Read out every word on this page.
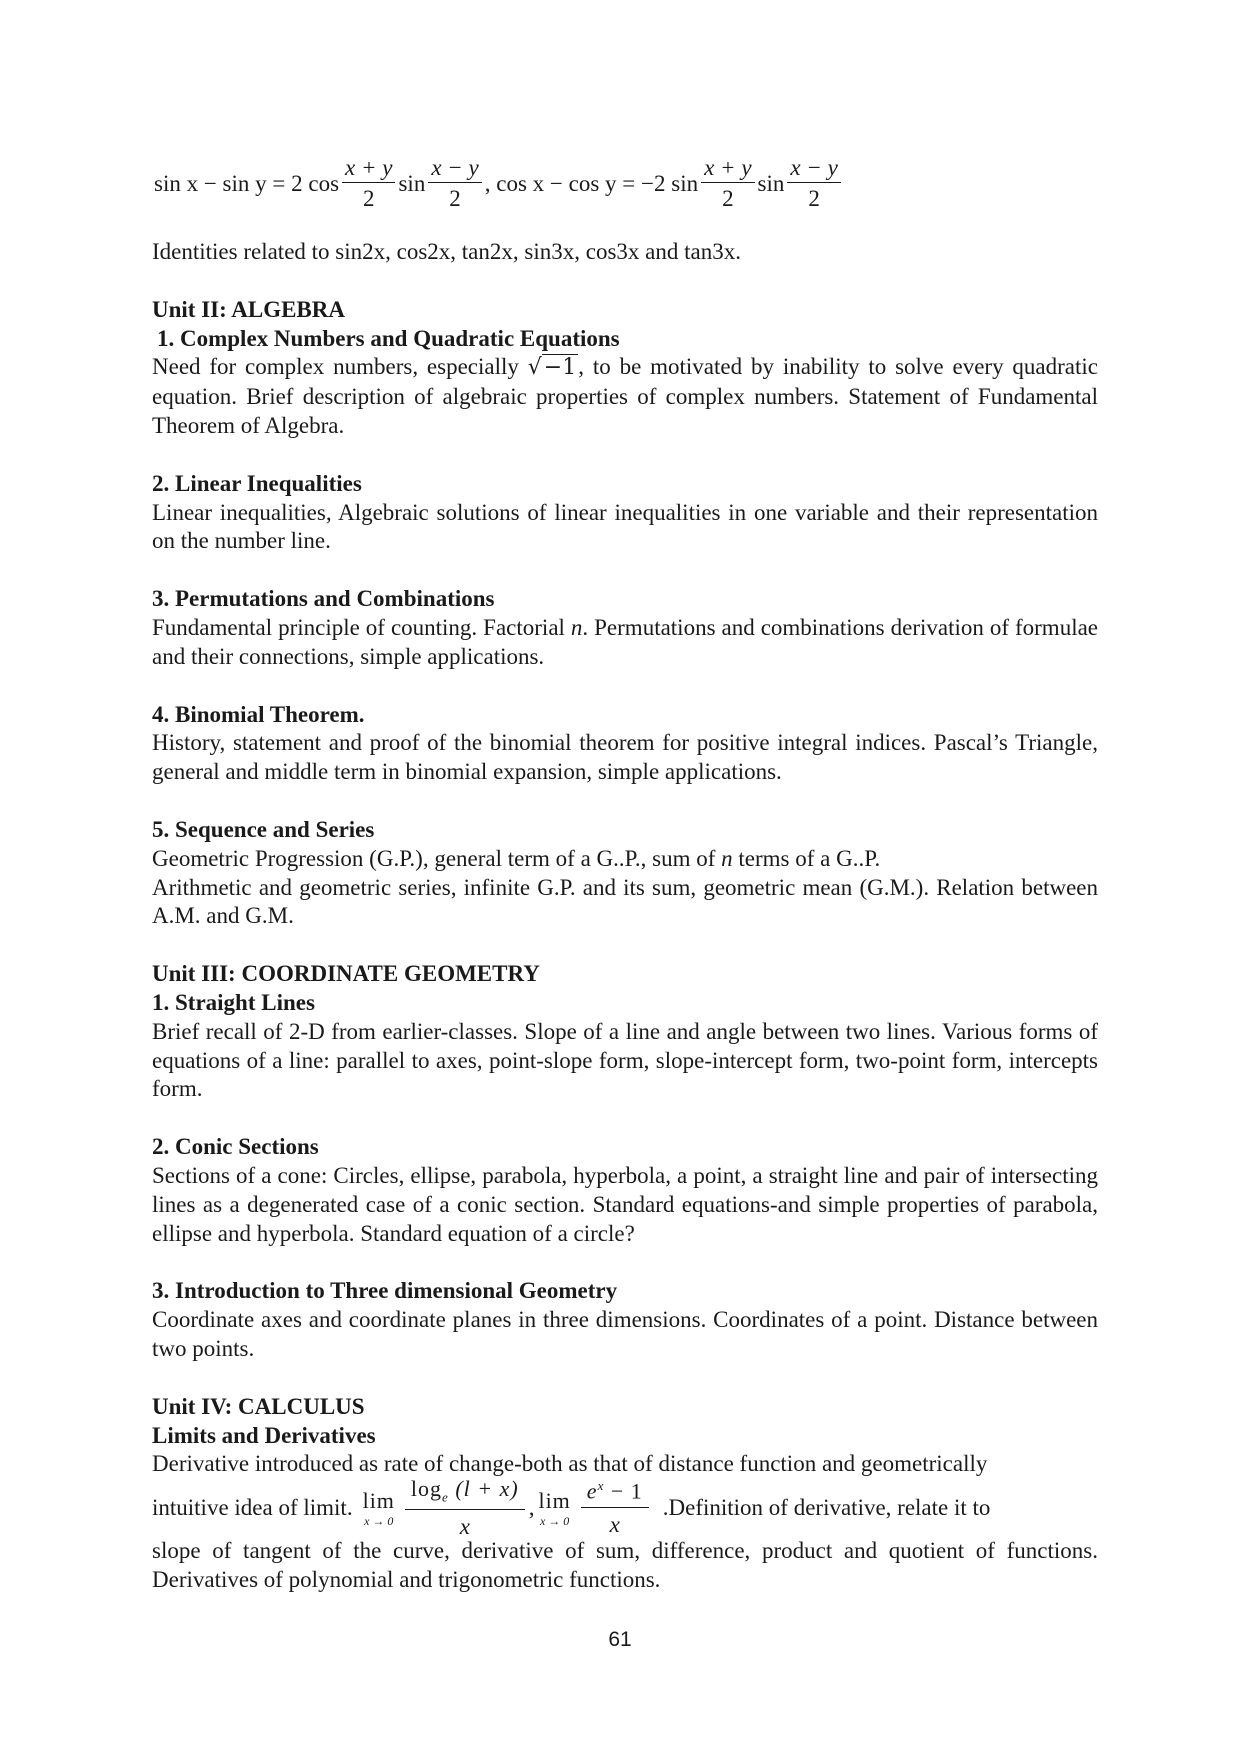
sin x − sin y = 2 $\cos \frac{x + y}{2}$ $\sin \frac{x - y}{2}$ , cos x − cos y = −2 $\sin \frac{x + y}{2}$ $\sin \frac{x - y}{2}$

Identities related to sin2x, cos2x, tan2x, sin3x, cos3x and tan3x.

Unit II: ALGEBRA
1. Complex Numbers and Quadratic Equations

Need for complex numbers, especially √−1, to be motivated by inability to solve every quadratic equation. Brief description of algebraic properties of complex numbers. Statement of Fundamental Theorem of Algebra.

2. Linear Inequalities

Linear inequalities, Algebraic solutions of linear inequalities in one variable and their representation on the number line.

3. Permutations and Combinations

Fundamental principle of counting. Factorial n. Permutations and combinations derivation of formulae and their connections, simple applications.

4. Binomial Theorem.

History, statement and proof of the binomial theorem for positive integral indices. Pascal’s Triangle, general and middle term in binomial expansion, simple applications.

5. Sequence and Series

Geometric Progression (G.P.), general term of a G..P., sum of n terms of a G..P.

Arithmetic and geometric series, infinite G.P. and its sum, geometric mean (G.M.). Relation between A.M. and G.M.

Unit III: COORDINATE GEOMETRY
1. Straight Lines

Brief recall of 2-D from earlier-classes. Slope of a line and angle between two lines. Various forms of equations of a line: parallel to axes, point-slope form, slope-intercept form, two-point form, intercepts form.

2. Conic Sections

Sections of a cone: Circles, ellipse, parabola, hyperbola, a point, a straight line and pair of intersecting lines as a degenerated case of a conic section. Standard equations-and simple properties of parabola, ellipse and hyperbola. Standard equation of a circle?

3. Introduction to Three dimensional Geometry

Coordinate axes and coordinate planes in three dimensions. Coordinates of a point. Distance between two points.

Unit IV: CALCULUS
Limits and Derivatives

Derivative introduced as rate of change-both as that of distance function and geometrically

intuitive idea of limit. lim
$x \to 0 \frac{\log_e (l + x)}{x}$ , lim
$x \to 0 \frac{e^x - 1}{x}$ .Definition of derivative, relate it to

slope of tangent of the curve, derivative of sum, difference, product and quotient of functions. Derivatives of polynomial and trigonometric functions.

61
